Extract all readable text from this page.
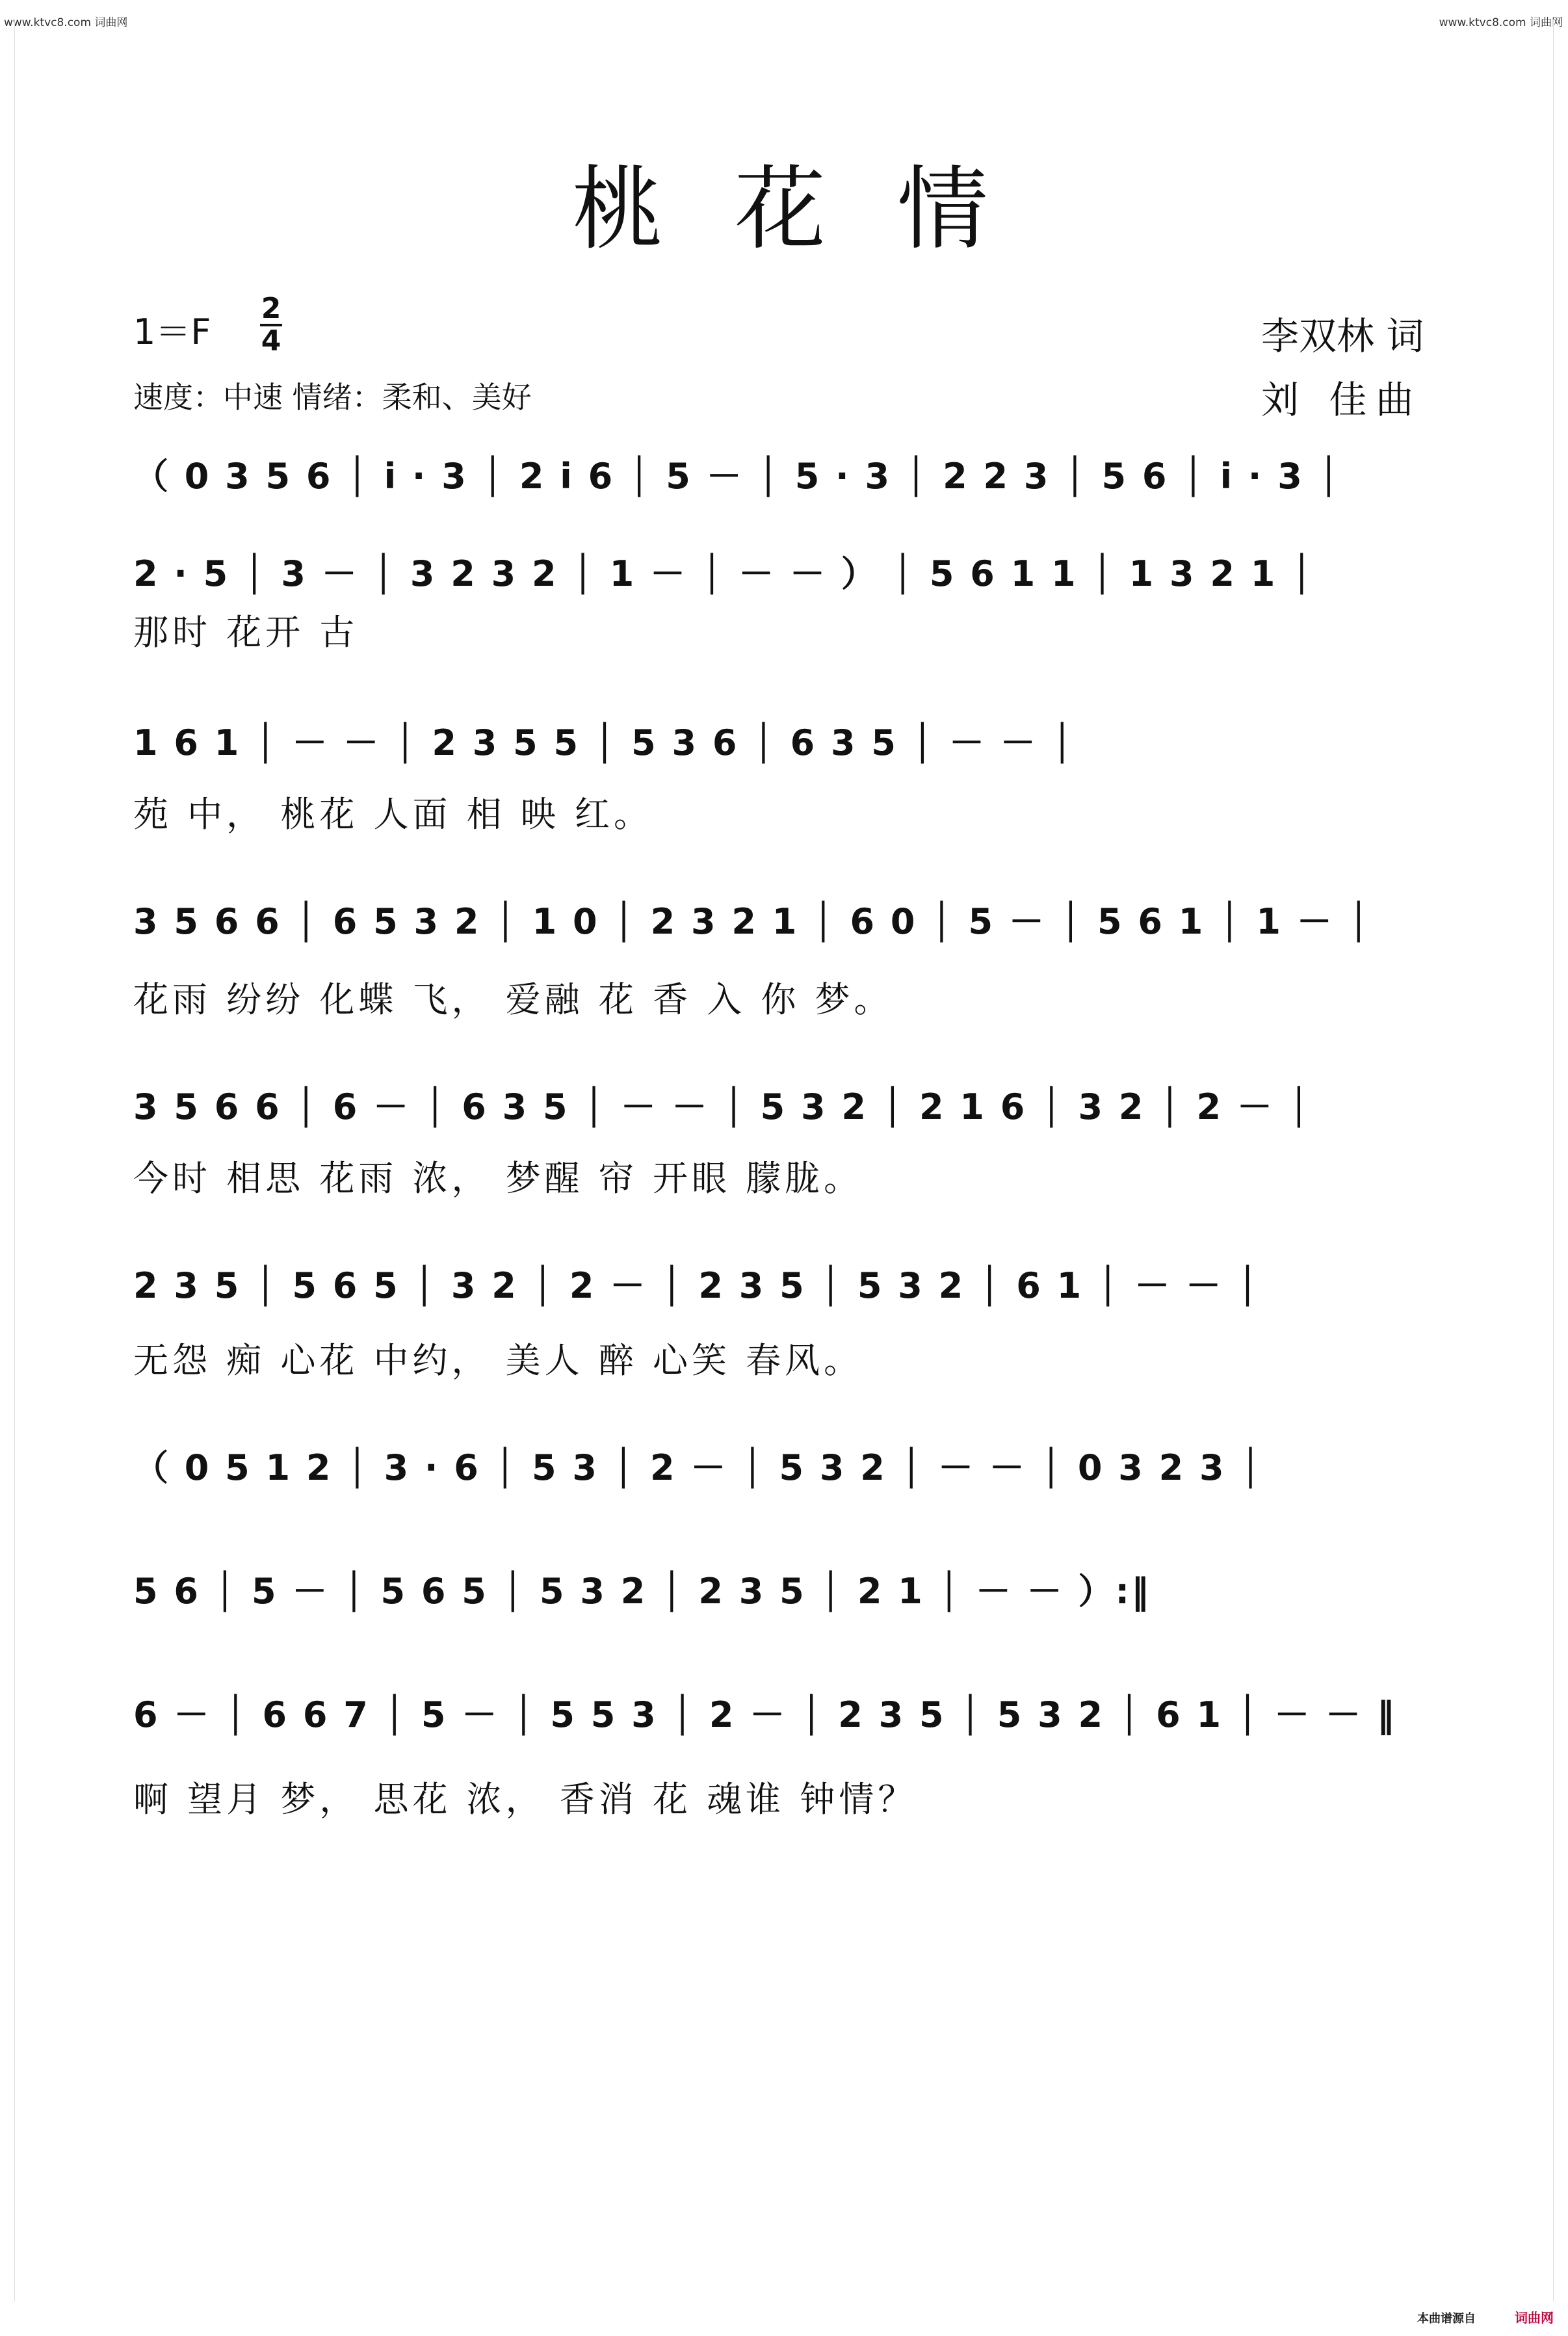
www.ktvc8.com 词曲网	www.ktvc8.com 词曲网
桃花情
1＝F
2
4
速度：中速 情绪：柔和、美好
李双林 词
刘 佳曲
（ 0 3 5 6 │ i · 3 │ 2 i 6 │ 5 － │ 5 · 3 │ 2 2 3 │ 5 6 │ i · 3 │
2 · 5 │ 3 － │ 3 2 3 2 │ 1 － │ － － ） │ 5 6 1 1 │ 1 3 2 1 │
那时 花开 古
1 6 1 │ － － │ 2 3 5 5 │ 5 3 6 │ 6 3 5 │ － － │
苑 中， 桃花 人面 相 映 红。
3 5 6 6 │ 6 5 3 2 │ 1 0 │ 2 3 2 1 │ 6 0 │ 5 － │ 5 6 1 │ 1 － │
花雨 纷纷 化蝶 飞， 爱融 花 香 入 你 梦。
3 5 6 6 │ 6 － │ 6 3 5 │ － － │ 5 3 2 │ 2 1 6 │ 3 2 │ 2 － │
今时 相思 花雨 浓， 梦醒 帘 开眼 朦胧。
2 3 5 │ 5 6 5 │ 3 2 │ 2 － │ 2 3 5 │ 5 3 2 │ 6 1 │ － － │
无怨 痴 心花 中约， 美人 醉 心笑 春风。
（ 0 5 1 2 │ 3 · 6 │ 5 3 │ 2 － │ 5 3 2 │ － － │ 0 3 2 3 │
5 6 │ 5 － │ 5 6 5 │ 5 3 2 │ 2 3 5 │ 2 1 │ － － ）:‖
6 － │ 6 6 7 │ 5 － │ 5 5 3 │ 2 － │ 2 3 5 │ 5 3 2 │ 6 1 │ － － ‖
啊 望月 梦， 思花 浓， 香消 花 魂谁 钟情？
本曲谱源自	词曲网
